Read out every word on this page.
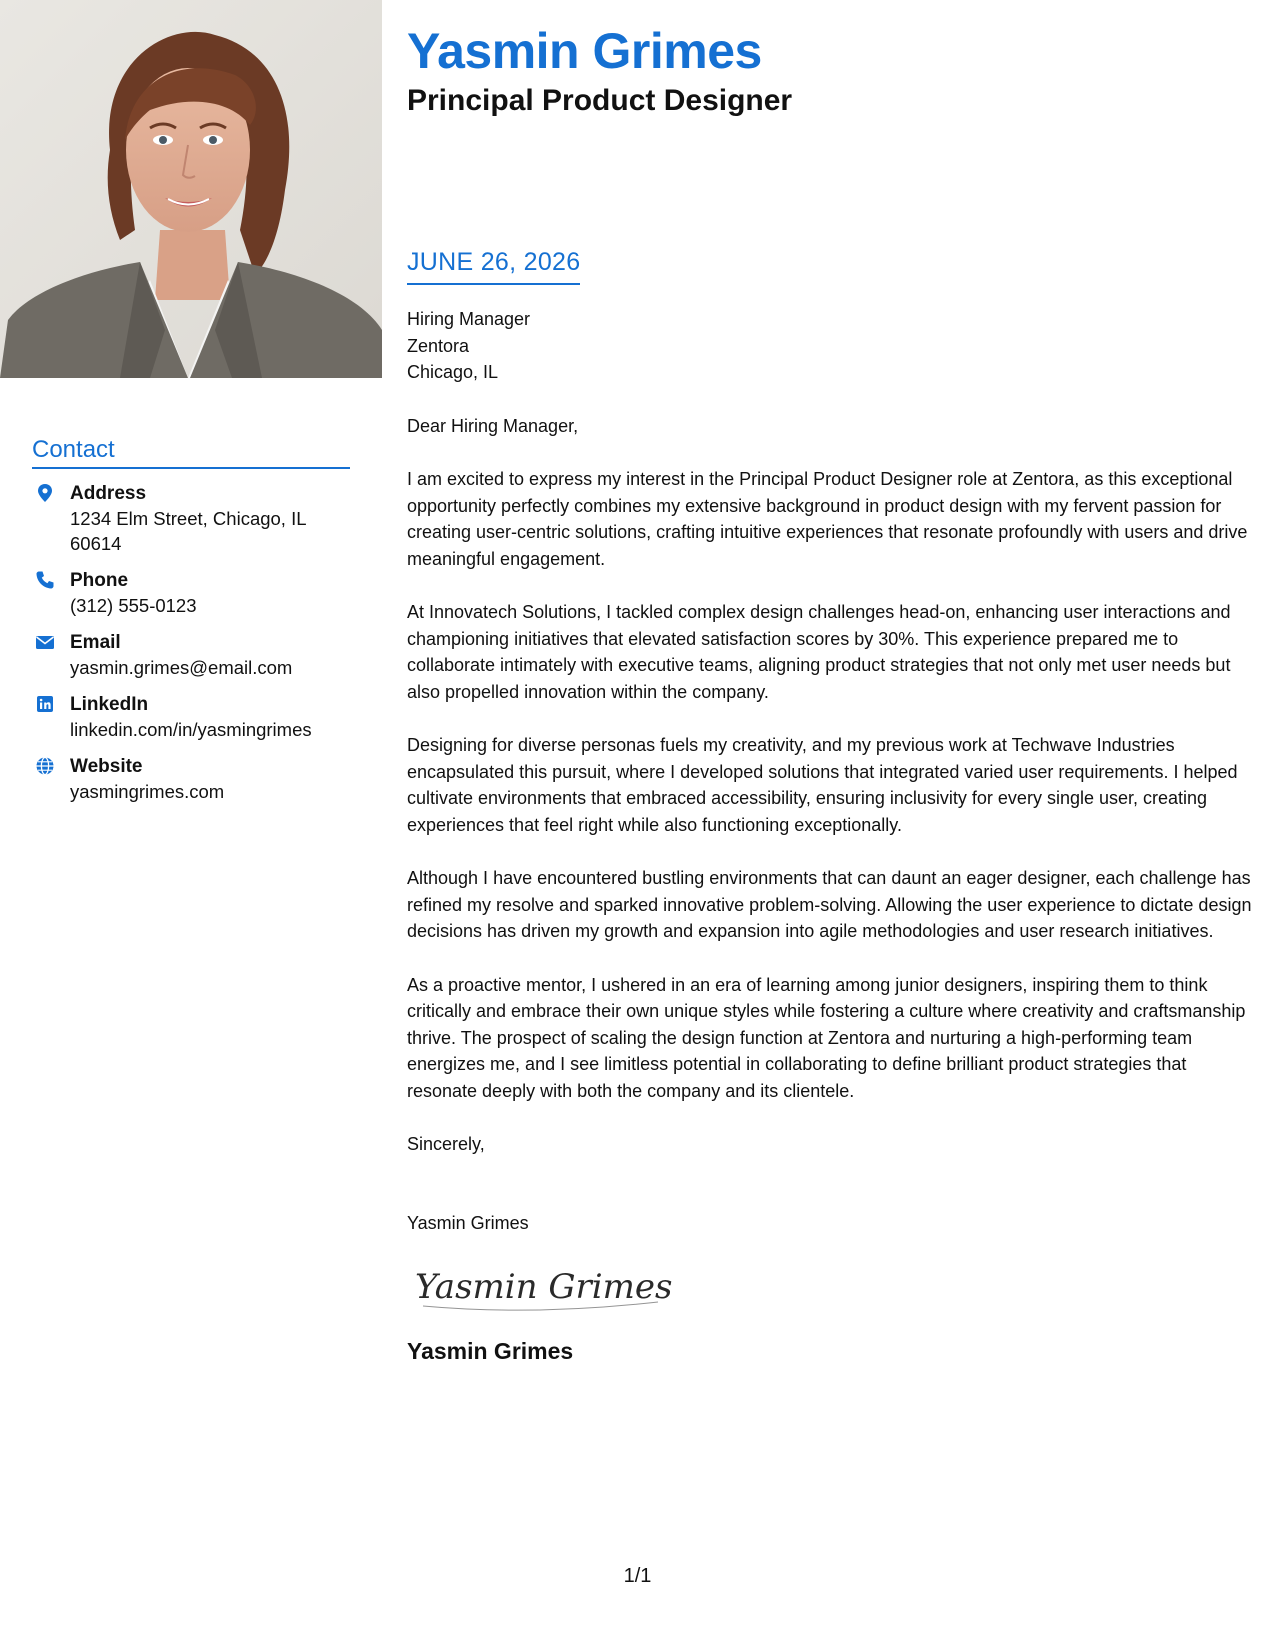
Yasmin Grimes
Principal Product Designer
JUNE 26, 2026
Hiring Manager
Zentora
Chicago, IL

Dear Hiring Manager,

I am excited to express my interest in the Principal Product Designer role at Zentora, as this exceptional opportunity perfectly combines my extensive background in product design with my fervent passion for creating user-centric solutions, crafting intuitive experiences that resonate profoundly with users and drive meaningful engagement.

At Innovatech Solutions, I tackled complex design challenges head-on, enhancing user interactions and championing initiatives that elevated satisfaction scores by 30%. This experience prepared me to collaborate intimately with executive teams, aligning product strategies that not only met user needs but also propelled innovation within the company.

Designing for diverse personas fuels my creativity, and my previous work at Techwave Industries encapsulated this pursuit, where I developed solutions that integrated varied user requirements. I helped cultivate environments that embraced accessibility, ensuring inclusivity for every single user, creating experiences that feel right while also functioning exceptionally.

Although I have encountered bustling environments that can daunt an eager designer, each challenge has refined my resolve and sparked innovative problem-solving. Allowing the user experience to dictate design decisions has driven my growth and expansion into agile methodologies and user research initiatives.

As a proactive mentor, I ushered in an era of learning among junior designers, inspiring them to think critically and embrace their own unique styles while fostering a culture where creativity and craftsmanship thrive. The prospect of scaling the design function at Zentora and nurturing a high-performing team energizes me, and I see limitless potential in collaborating to define brilliant product strategies that resonate deeply with both the company and its clientele.

Sincerely,

Yasmin Grimes
Yasmin Grimes
Yasmin Grimes
Contact
Address
1234 Elm Street, Chicago, IL 60614
Phone
(312) 555-0123
Email
yasmin.grimes@email.com
LinkedIn
linkedin.com/in/yasmingrimes
Website
yasmingrimes.com
1/1
